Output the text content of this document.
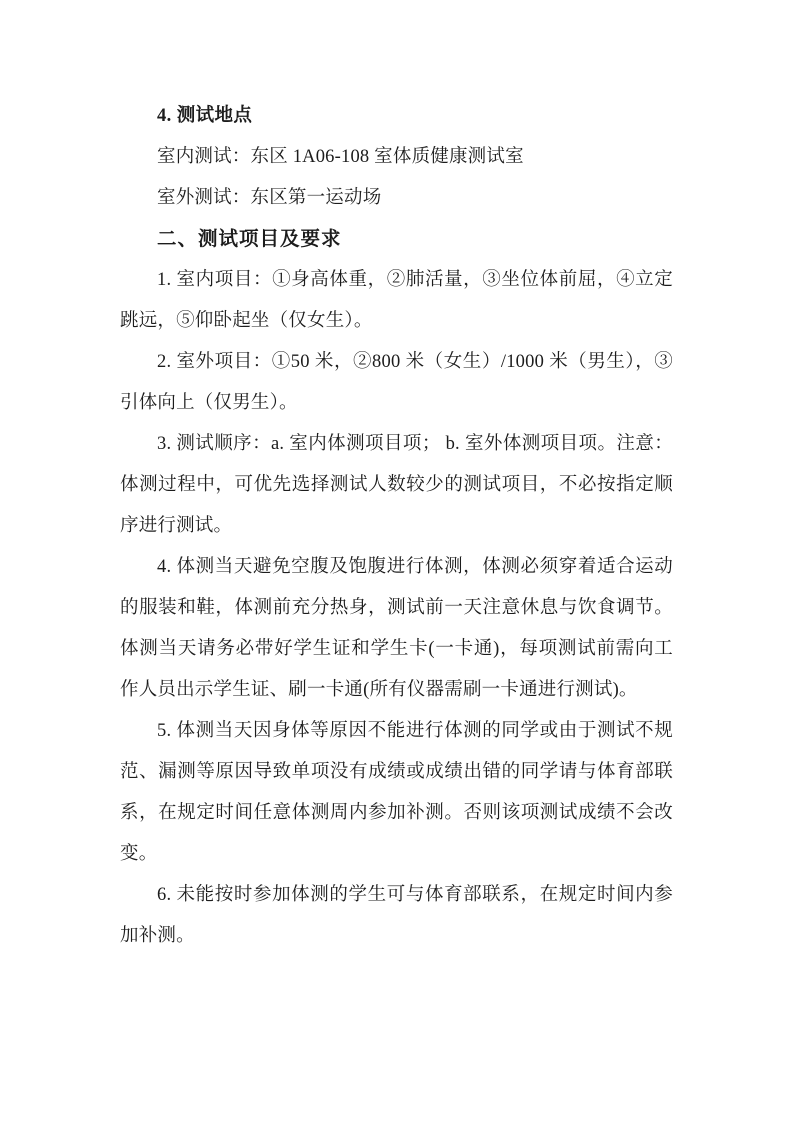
4. 测试地点

室内测试：东区 1A06-108 室体质健康测试室

室外测试：东区第一运动场

二、测试项目及要求

1. 室内项目：①身高体重，②肺活量，③坐位体前屈，④立定跳远，⑤仰卧起坐（仅女生）。

2. 室外项目：①50 米，②800 米（女生）/1000 米（男生），③引体向上（仅男生）。

3. 测试顺序：a. 室内体测项目项； b. 室外体测项目项。注意：体测过程中，可优先选择测试人数较少的测试项目，不必按指定顺序进行测试。

4. 体测当天避免空腹及饱腹进行体测，体测必须穿着适合运动的服装和鞋，体测前充分热身，测试前一天注意休息与饮食调节。体测当天请务必带好学生证和学生卡(一卡通)，每项测试前需向工作人员出示学生证、刷一卡通(所有仪器需刷一卡通进行测试)。

5. 体测当天因身体等原因不能进行体测的同学或由于测试不规范、漏测等原因导致单项没有成绩或成绩出错的同学请与体育部联系，在规定时间任意体测周内参加补测。否则该项测试成绩不会改变。

6. 未能按时参加体测的学生可与体育部联系，在规定时间内参加补测。
